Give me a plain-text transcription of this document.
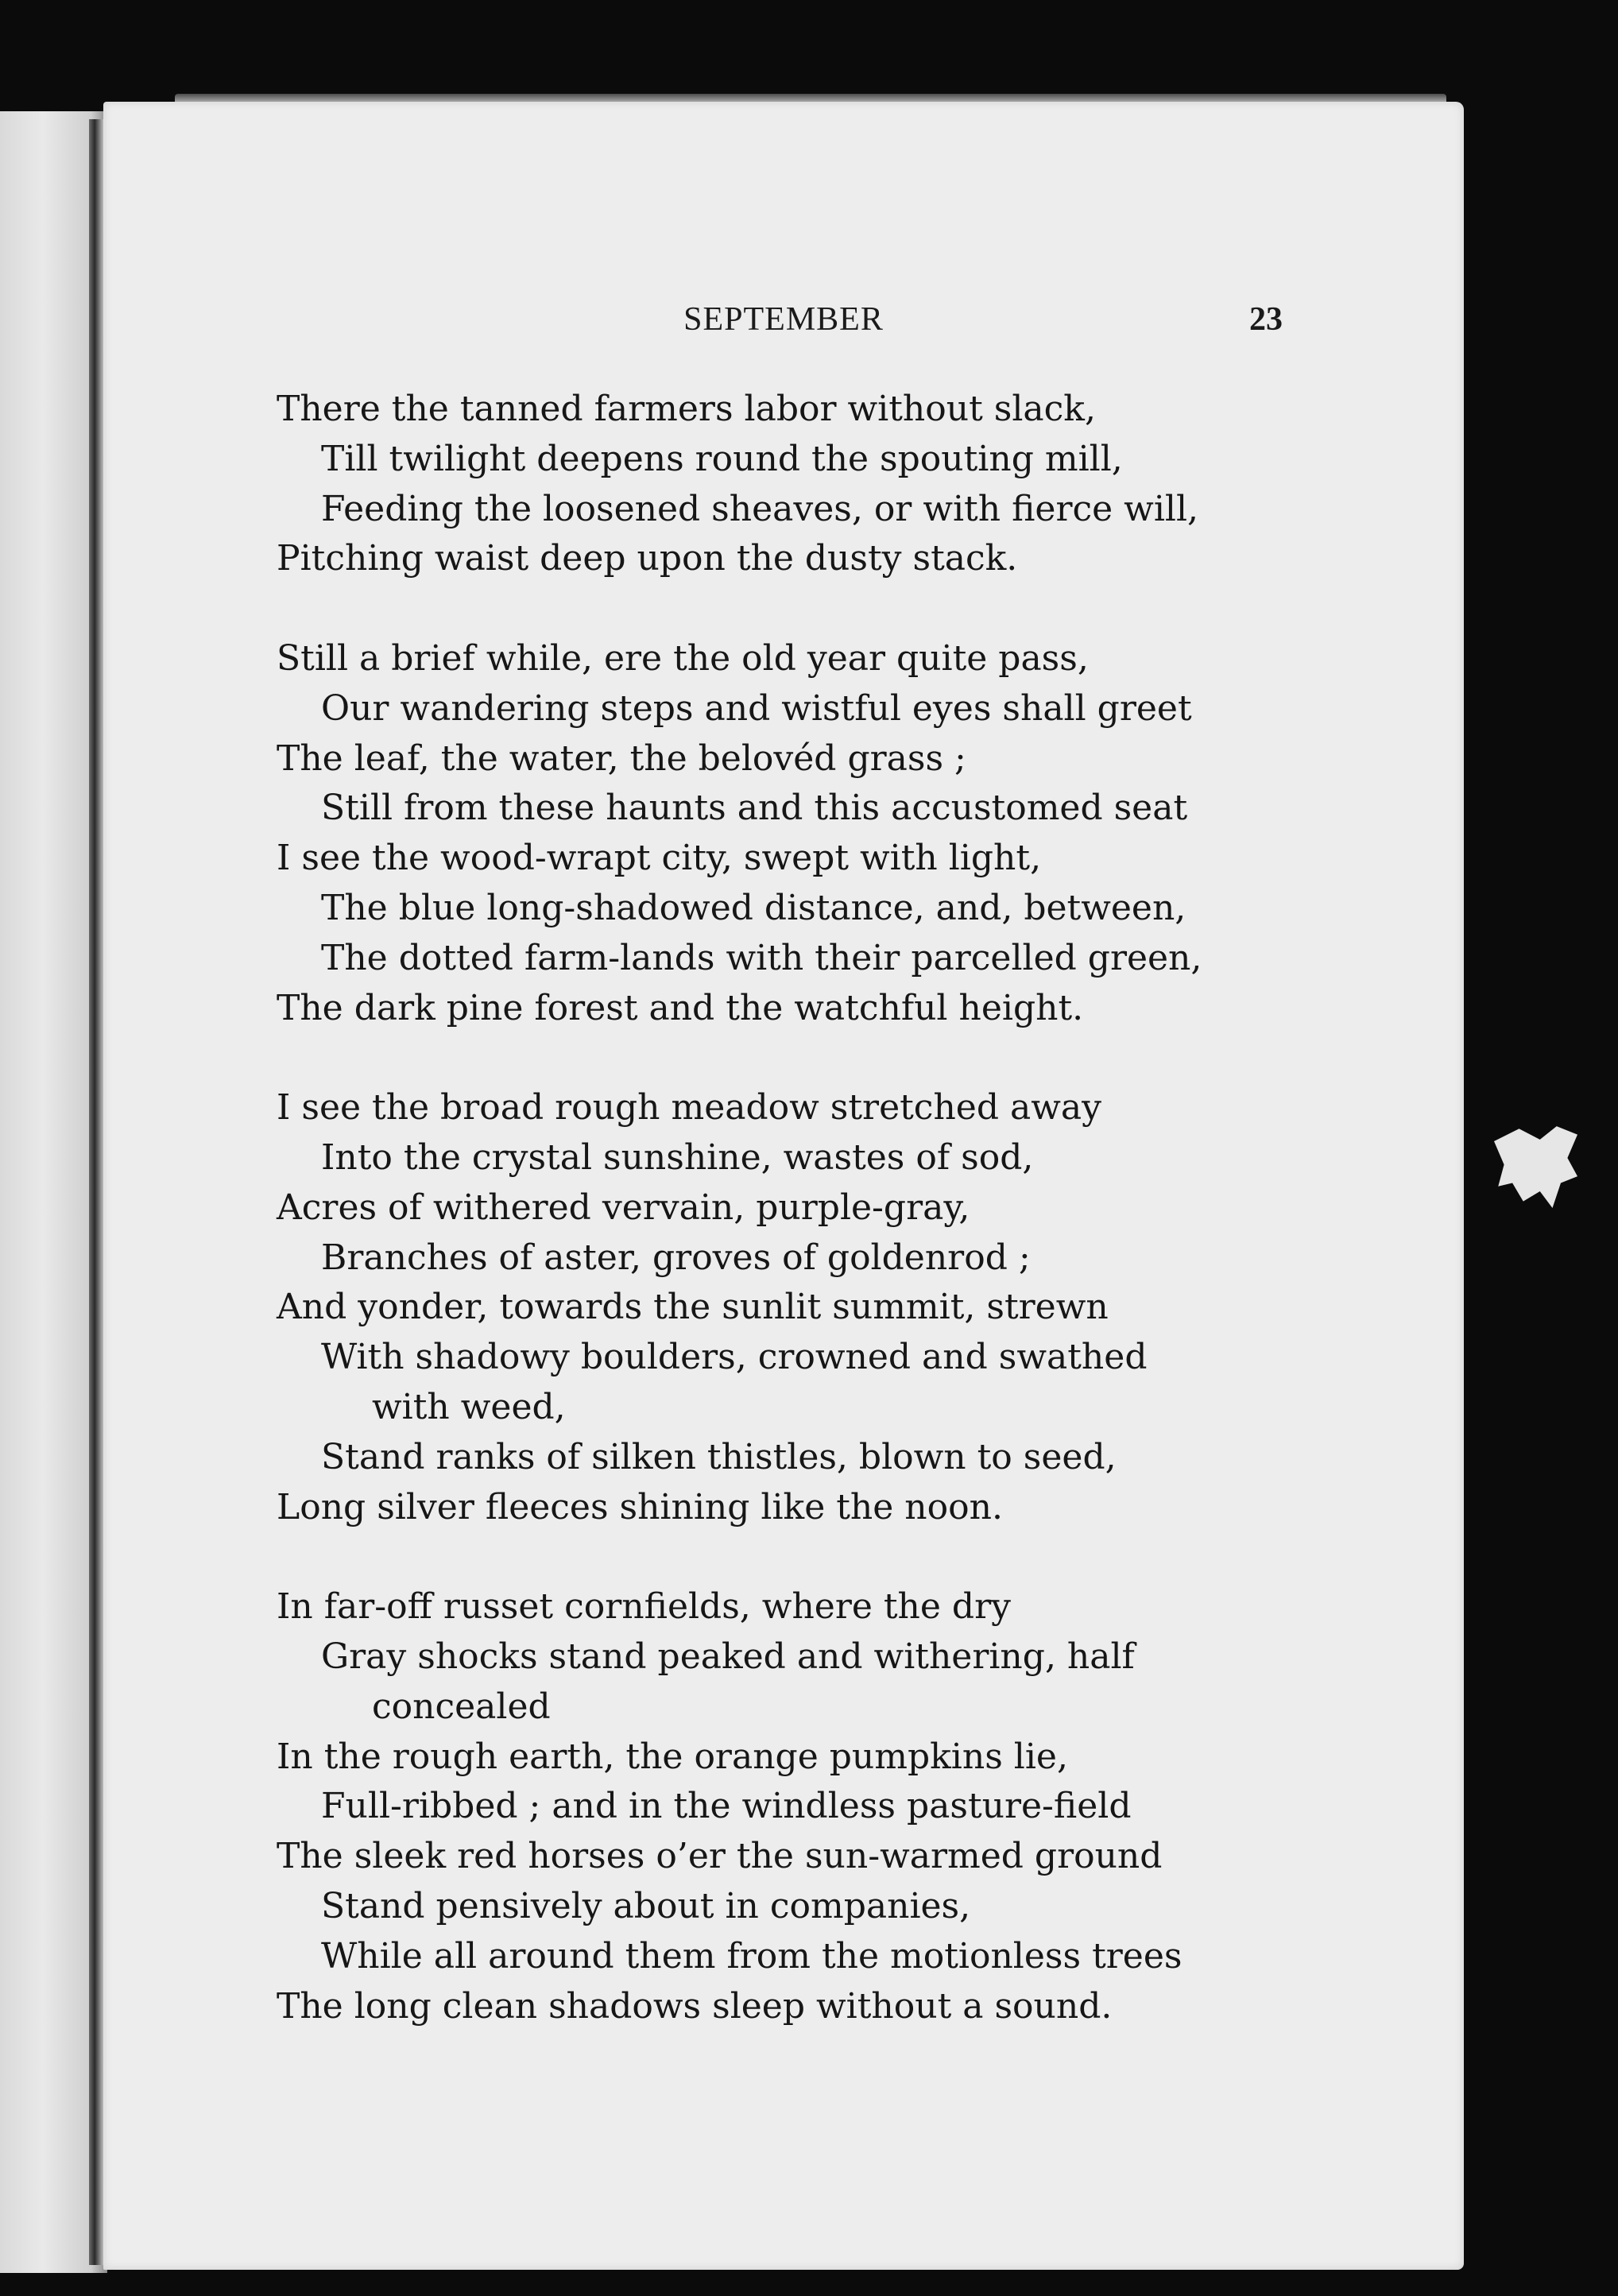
SEPTEMBER	23
There the tanned farmers labor without slack,
Till twilight deepens round the spouting mill,
Feeding the loosened sheaves, or with fierce will,
Pitching waist deep upon the dusty stack.
Still a brief while, ere the old year quite pass,
Our wandering steps and wistful eyes shall greet
The leaf, the water, the belovéd grass ;
Still from these haunts and this accustomed seat
I see the wood-wrapt city, swept with light,
The blue long-shadowed distance, and, between,
The dotted farm-lands with their parcelled green,
The dark pine forest and the watchful height.
I see the broad rough meadow stretched away
Into the crystal sunshine, wastes of sod,
Acres of withered vervain, purple-gray,
Branches of aster, groves of goldenrod ;
And yonder, towards the sunlit summit, strewn
With shadowy boulders, crowned and swathed
with weed,
Stand ranks of silken thistles, blown to seed,
Long silver fleeces shining like the noon.
In far-off russet cornfields, where the dry
Gray shocks stand peaked and withering, half
concealed
In the rough earth, the orange pumpkins lie,
Full-ribbed ; and in the windless pasture-field
The sleek red horses o’er the sun-warmed ground
Stand pensively about in companies,
While all around them from the motionless trees
The long clean shadows sleep without a sound.
